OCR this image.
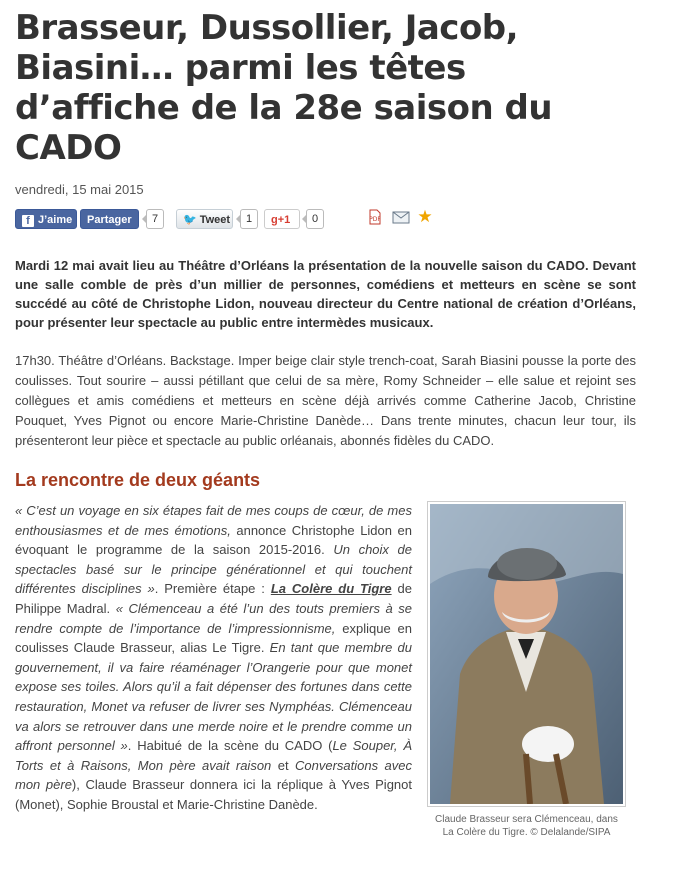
Brasseur, Dussollier, Jacob, Biasini… parmi les têtes d’affiche de la 28e saison du CADO
vendredi, 15 mai 2015
f J’aime	Partager	7	🐦 Tweet	1	g+1	0	PDF ★
Mardi 12 mai avait lieu au Théâtre d’Orléans la présentation de la nouvelle saison du CADO. Devant une salle comble de près d’un millier de personnes, comédiens et metteurs en scène se sont succédé au côté de Christophe Lidon, nouveau directeur du Centre national de création d’Orléans, pour présenter leur spectacle au public entre intermèdes musicaux.
17h30. Théâtre d’Orléans. Backstage. Imper beige clair style trench-coat, Sarah Biasini pousse la porte des coulisses. Tout sourire – aussi pétillant que celui de sa mère, Romy Schneider – elle salue et rejoint ses collègues et amis comédiens et metteurs en scène déjà arrivés comme Catherine Jacob, Christine Pouquet, Yves Pignot ou encore Marie-Christine Danède… Dans trente minutes, chacun leur tour, ils présenteront leur pièce et spectacle au public orléanais, abonnés fidèles du CADO.
La rencontre de deux géants
« C’est un voyage en six étapes fait de mes coups de cœur, de mes enthousiasmes et de mes émotions, annonce Christophe Lidon en évoquant le programme de la saison 2015-2016. Un choix de spectacles basé sur le principe générationnel et qui touchent différentes disciplines ». Première étape : La Colère du Tigre de Philippe Madral. « Clémenceau a été l’un des touts premiers à se rendre compte de l’importance de l’impressionnisme, explique en coulisses Claude Brasseur, alias Le Tigre. En tant que membre du gouvernement, il va faire réaménager l’Orangerie pour que monet expose ses toiles. Alors qu’il a fait dépenser des fortunes dans cette restauration, Monet va refuser de livrer ses Nymphéas. Clémenceau va alors se retrouver dans une merde noire et le prendre comme un affront personnel ». Habitué de la scène du CADO (Le Souper, À Torts et à Raisons, Mon père avait raison et Conversations avec mon père), Claude Brasseur donnera ici la réplique à Yves Pignot (Monet), Sophie Broustal et Marie-Christine Danède.
Claude Brasseur sera Clémenceau, dans La Colère du Tigre. © Delalande/SIPA
